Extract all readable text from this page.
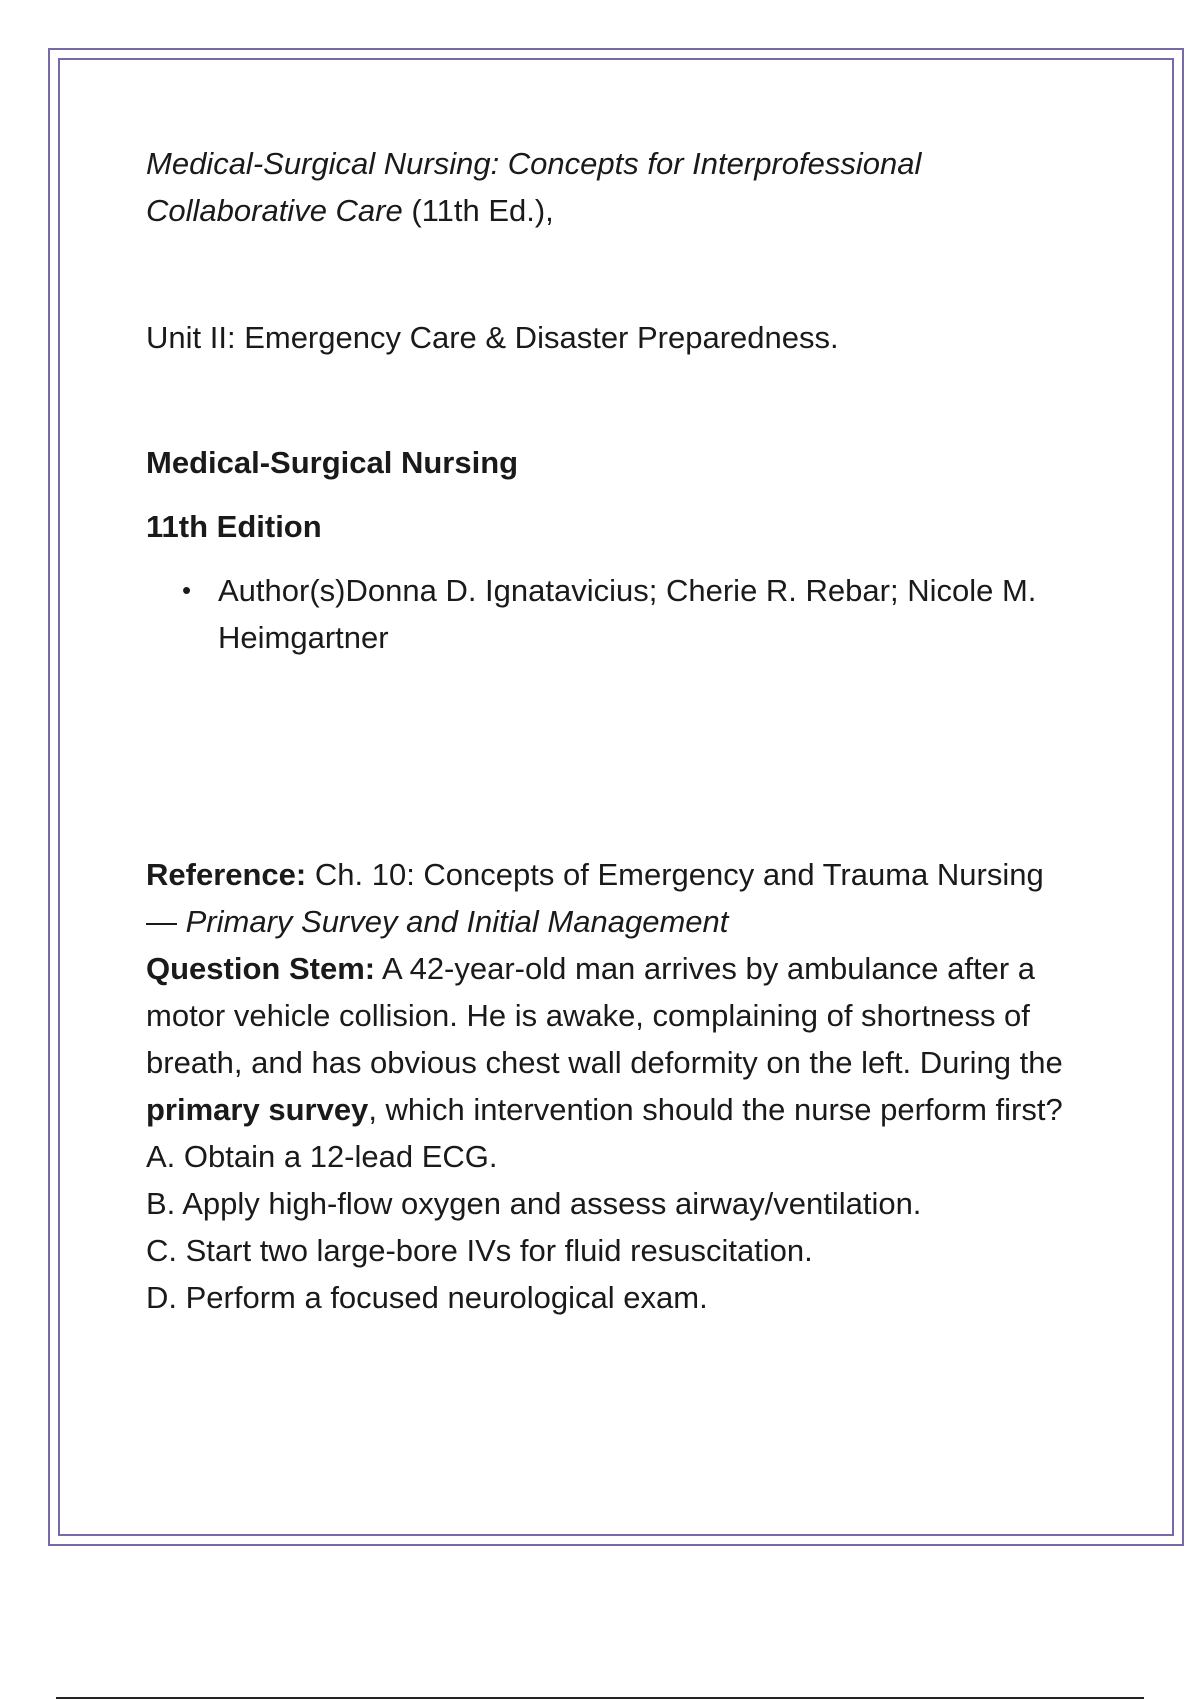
Medical-Surgical Nursing: Concepts for Interprofessional Collaborative Care (11th Ed.),

Unit II: Emergency Care & Disaster Preparedness.

Medical-Surgical Nursing

11th Edition

• Author(s)Donna D. Ignatavicius; Cherie R. Rebar; Nicole M. Heimgartner

Reference: Ch. 10: Concepts of Emergency and Trauma Nursing
— Primary Survey and Initial Management

Question Stem: A 42-year-old man arrives by ambulance after a motor vehicle collision. He is awake, complaining of shortness of breath, and has obvious chest wall deformity on the left. During the primary survey, which intervention should the nurse perform first?

A. Obtain a 12-lead ECG.

B. Apply high-flow oxygen and assess airway/ventilation.

C. Start two large-bore IVs for fluid resuscitation.

D. Perform a focused neurological exam.
